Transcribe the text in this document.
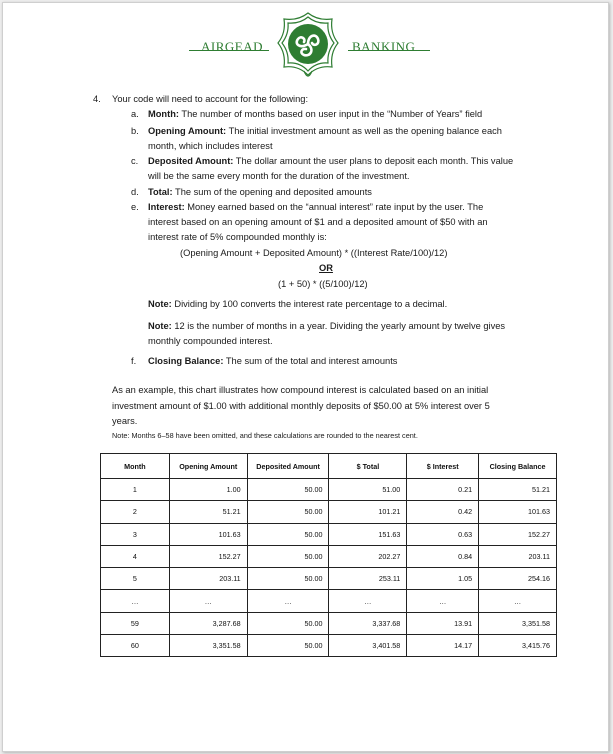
AIRGEAD	BANKING
4. Your code will need to account for the following:
a. Month: The number of months based on user input in the “Number of Years” field
b. Opening Amount: The initial investment amount as well as the opening balance each
month, which includes interest
c. Deposited Amount: The dollar amount the user plans to deposit each month. This value
will be the same every month for the duration of the investment.
d. Total: The sum of the opening and deposited amounts
e. Interest: Money earned based on the “annual interest” rate input by the user. The
interest based on an opening amount of $1 and a deposited amount of $50 with an
interest rate of 5% compounded monthly is:
(Opening Amount + Deposited Amount) * ((Interest Rate/100)/12)
OR
(1 + 50) * ((5/100)/12)
Note: Dividing by 100 converts the interest rate percentage to a decimal.
Note: 12 is the number of months in a year. Dividing the yearly amount by twelve gives
monthly compounded interest.
f. Closing Balance: The sum of the total and interest amounts
As an example, this chart illustrates how compound interest is calculated based on an initial
investment amount of $1.00 with additional monthly deposits of $50.00 at 5% interest over 5
years.
Note: Months 6–58 have been omitted, and these calculations are rounded to the nearest cent.
Month	Opening Amount	Deposited Amount	$ Total	$ Interest	Closing Balance
1	1.00	50.00	51.00	0.21	51.21
2	51.21	50.00	101.21	0.42	101.63
3	101.63	50.00	151.63	0.63	152.27
4	152.27	50.00	202.27	0.84	203.11
5	203.11	50.00	253.11	1.05	254.16
…	…	…	…	…	…
59	3,287.68	50.00	3,337.68	13.91	3,351.58
60	3,351.58	50.00	3,401.58	14.17	3,415.76
